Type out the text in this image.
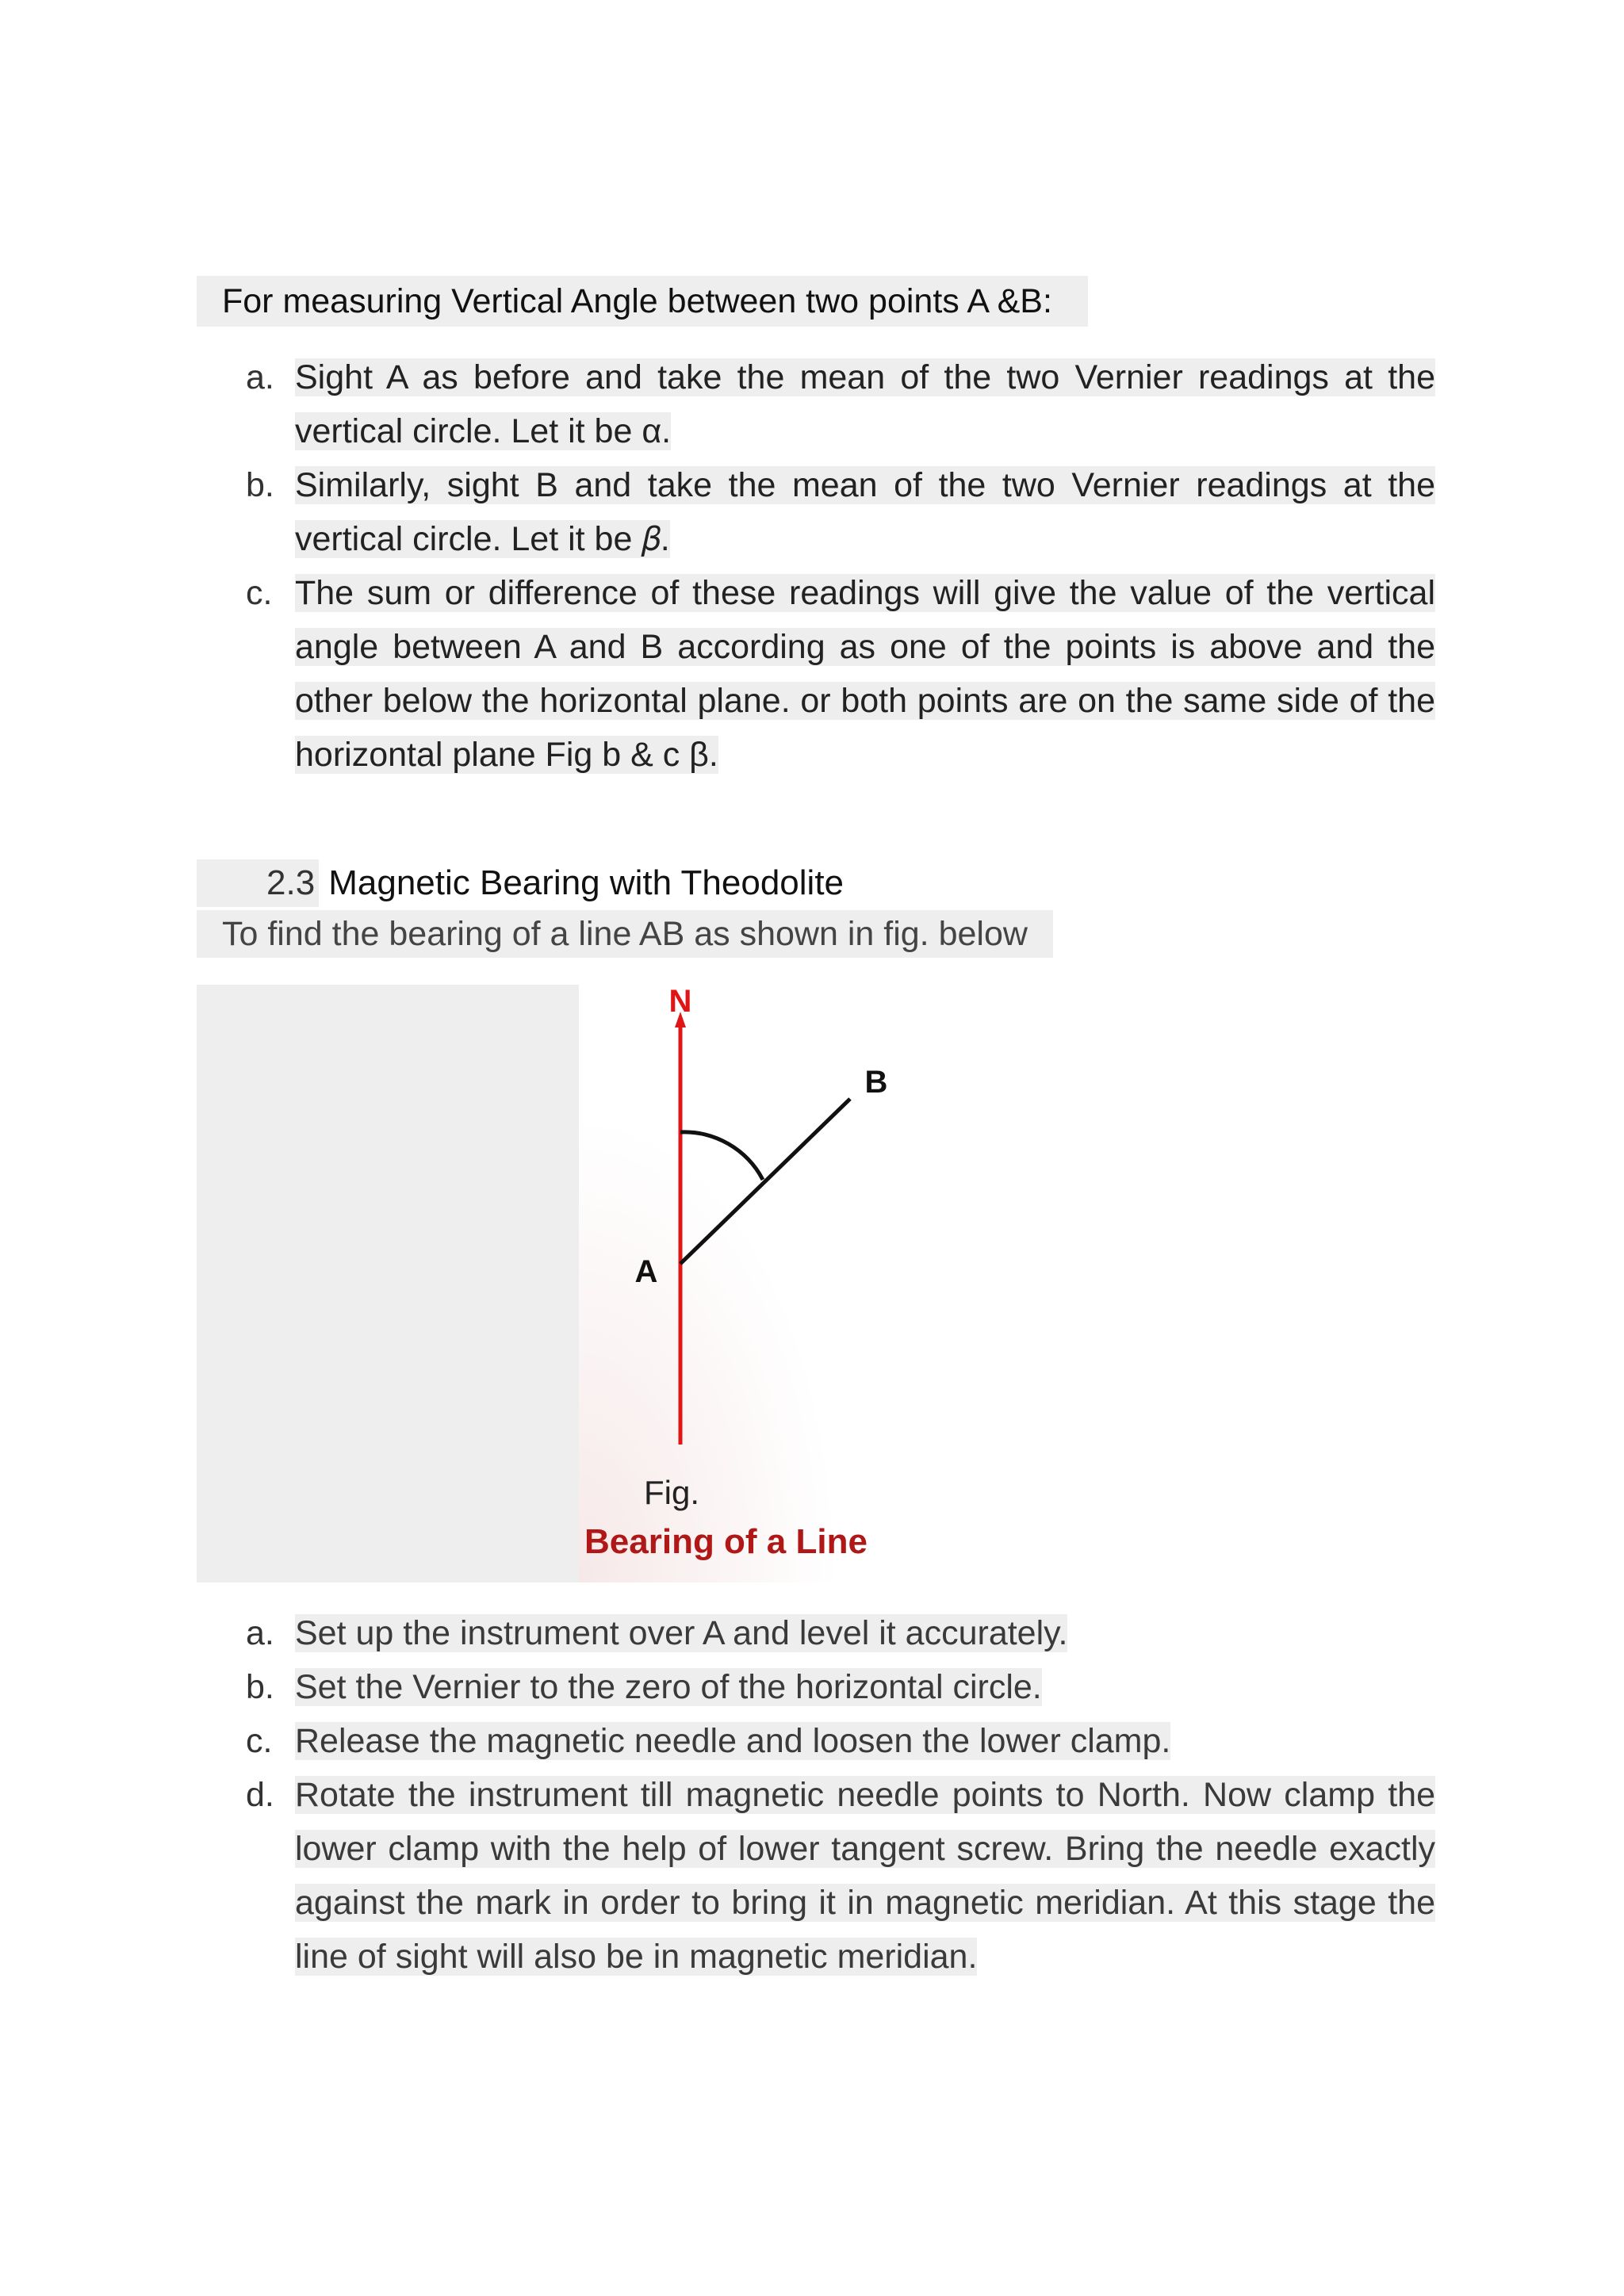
For measuring Vertical Angle between two points A &B:
a. Sight A as before and take the mean of the two Vernier readings at the vertical circle. Let it be α.
b. Similarly, sight B and take the mean of the two Vernier readings at the vertical circle. Let it be 𝛽.
c. The sum or difference of these readings will give the value of the vertical angle between A and B according as one of the points is above and the other below the horizontal plane. or both points are on the same side of the horizontal plane Fig b & c β.
2.3 Magnetic Bearing with Theodolite
To find the bearing of a line AB as shown in fig. below
N
B
A
Fig.
Bearing of a Line
a. Set up the instrument over A and level it accurately.
b. Set the Vernier to the zero of the horizontal circle.
c. Release the magnetic needle and loosen the lower clamp.
d. Rotate the instrument till magnetic needle points to North. Now clamp the lower clamp with the help of lower tangent screw. Bring the needle exactly against the mark in order to bring it in magnetic meridian. At this stage the line of sight will also be in magnetic meridian.
